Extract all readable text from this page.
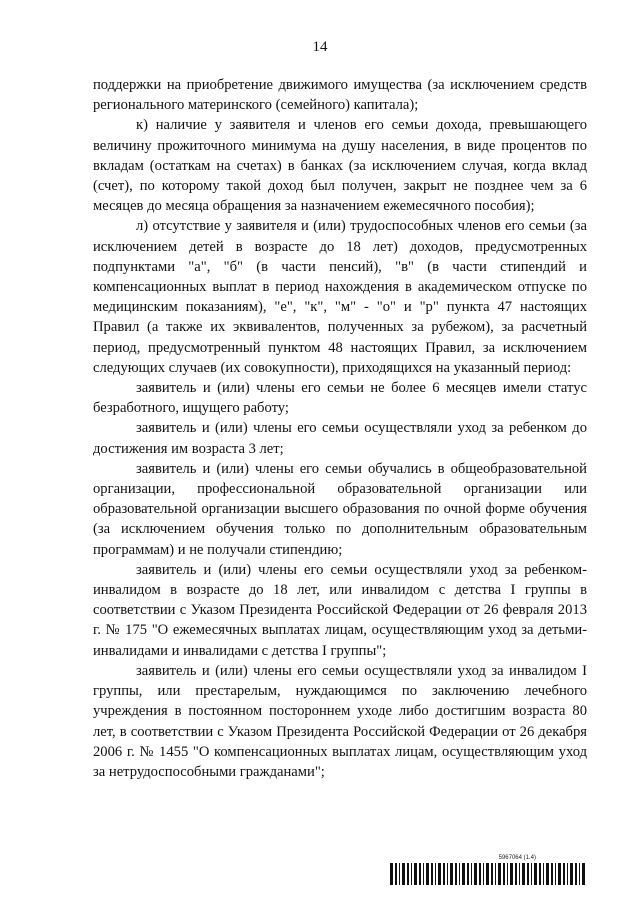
14

поддержки на приобретение движимого имущества (за исключением средств регионального материнского (семейного) капитала);

к) наличие у заявителя и членов его семьи дохода, превышающего величину прожиточного минимума на душу населения, в виде процентов по вкладам (остаткам на счетах) в банках (за исключением случая, когда вклад (счет), по которому такой доход был получен, закрыт не позднее чем за 6 месяцев до месяца обращения за назначением ежемесячного пособия);

л) отсутствие у заявителя и (или) трудоспособных членов его семьи (за исключением детей в возрасте до 18 лет) доходов, предусмотренных подпунктами "а", "б" (в части пенсий), "в" (в части стипендий и компенсационных выплат в период нахождения в академическом отпуске по медицинским показаниям), "е", "к", "м" - "о" и "р" пункта 47 настоящих Правил (а также их эквивалентов, полученных за рубежом), за расчетный период, предусмотренный пунктом 48 настоящих Правил, за исключением следующих случаев (их совокупности), приходящихся на указанный период:

заявитель и (или) члены его семьи не более 6 месяцев имели статус безработного, ищущего работу;

заявитель и (или) члены его семьи осуществляли уход за ребенком до достижения им возраста 3 лет;

заявитель и (или) члены его семьи обучались в общеобразовательной организации, профессиональной образовательной организации или образовательной организации высшего образования по очной форме обучения (за исключением обучения только по дополнительным образовательным программам) и не получали стипендию;

заявитель и (или) члены его семьи осуществляли уход за ребенком-инвалидом в возрасте до 18 лет, или инвалидом с детства I группы в соответствии с Указом Президента Российской Федерации от 26 февраля 2013 г. № 175 "О ежемесячных выплатах лицам, осуществляющим уход за детьми-инвалидами и инвалидами с детства I группы";

заявитель и (или) члены его семьи осуществляли уход за инвалидом I группы, или престарелым, нуждающимся по заключению лечебного учреждения в постоянном постороннем уходе либо достигшим возраста 80 лет, в соответствии с Указом Президента Российской Федерации от 26 декабря 2006 г. № 1455 "О компенсационных выплатах лицам, осуществляющим уход за нетрудоспособными гражданами";

5967064 (1.4)
